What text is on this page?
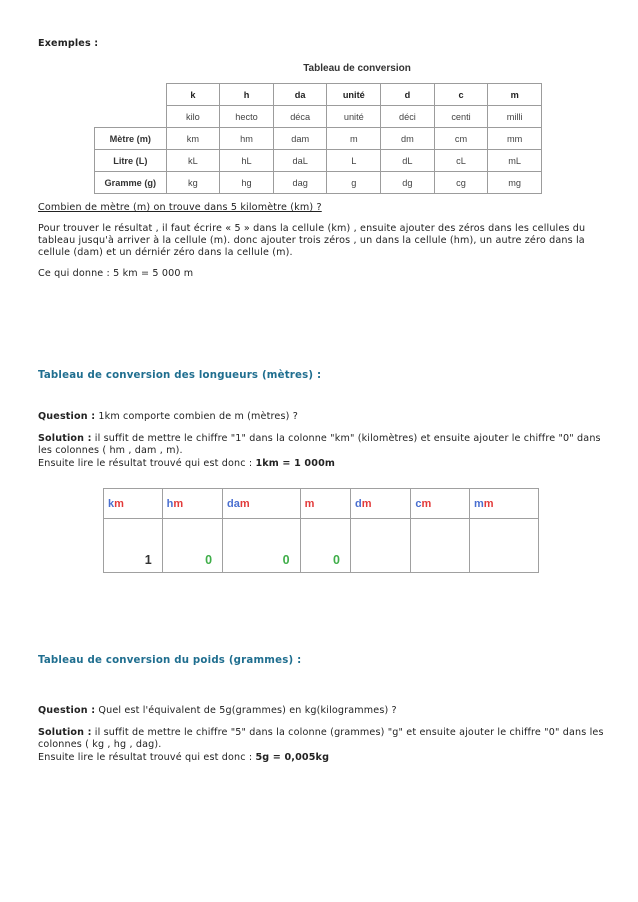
Exemples :
Tableau de conversion
	k	h	da	unité	d	c	m
	kilo	hecto	déca	unité	déci	centi	milli
Mètre (m)	km	hm	dam	m	dm	cm	mm
Litre (L)	kL	hL	daL	L	dL	cL	mL
Gramme (g)	kg	hg	dag	g	dg	cg	mg
Combien de mètre (m) on trouve dans 5 kilomètre (km) ?
Pour trouver le résultat , il faut écrire « 5 » dans la cellule (km) , ensuite ajouter des zéros dans les cellules du
tableau jusqu'à arriver à la cellule (m). donc ajouter trois zéros , un dans la cellule (hm), un autre zéro dans la
cellule (dam) et un dérniér zéro dans la cellule (m).
Ce qui donne : 5 km = 5 000 m
Tableau de conversion des longueurs (mètres) :
Question : 1km comporte combien de m (mètres) ?
Solution : il suffit de mettre le chiffre "1" dans la colonne "km" (kilomètres) et ensuite ajouter le chiffre "0" dans
les colonnes ( hm , dam , m).
Ensuite lire le résultat trouvé qui est donc : 1km = 1 000m
km	hm	dam	m	dm	cm	mm
1	0	0	0			
Tableau de conversion du poids (grammes) :
Question : Quel est l'équivalent de 5g(grammes) en kg(kilogrammes) ?
Solution : il suffit de mettre le chiffre "5" dans la colonne (grammes) "g" et ensuite ajouter le chiffre "0" dans les
colonnes ( kg , hg , dag).
Ensuite lire le résultat trouvé qui est donc : 5g = 0,005kg
